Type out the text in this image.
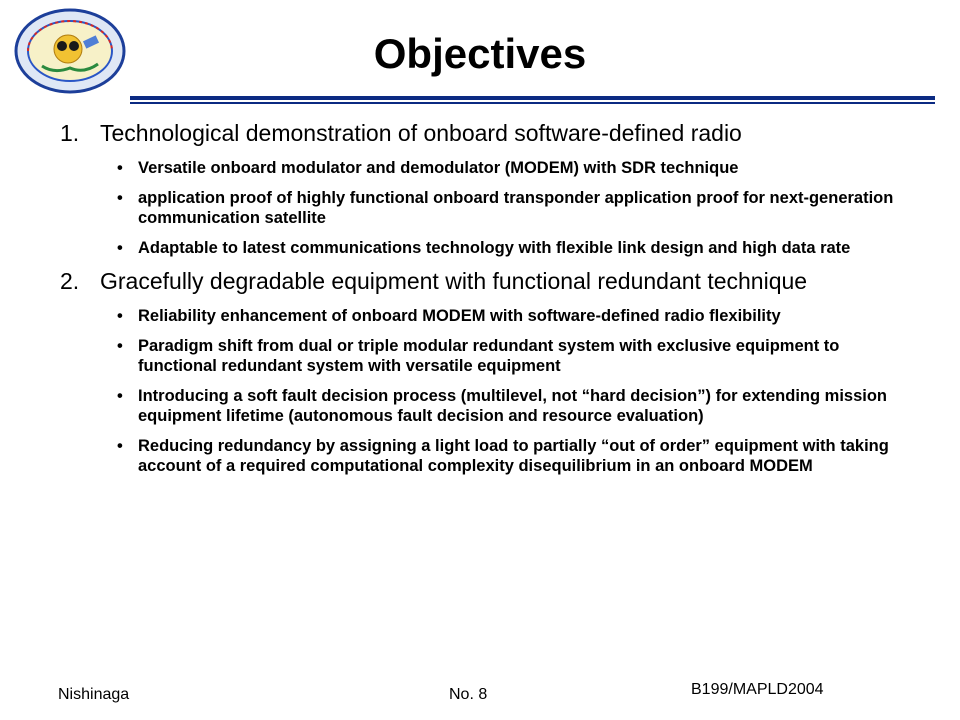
Objectives
1. Technological demonstration of onboard software-defined radio
• Versatile onboard modulator and demodulator (MODEM) with SDR technique
• application proof of highly functional onboard transponder application proof for next-generation communication satellite
• Adaptable to latest communications technology with flexible link design and high data rate
2. Gracefully degradable equipment with functional redundant technique
• Reliability enhancement of onboard MODEM with software-defined radio flexibility
• Paradigm shift from dual or triple modular redundant system with exclusive equipment to functional redundant system with versatile equipment
• Introducing a soft fault decision process (multilevel, not “hard decision”) for extending mission equipment lifetime (autonomous fault decision and resource evaluation)
• Reducing redundancy by assigning a light load to partially “out of order” equipment with taking account of a required computational complexity disequilibrium in an onboard MODEM
Nishinaga	No. 8	B199/MAPLD2004
